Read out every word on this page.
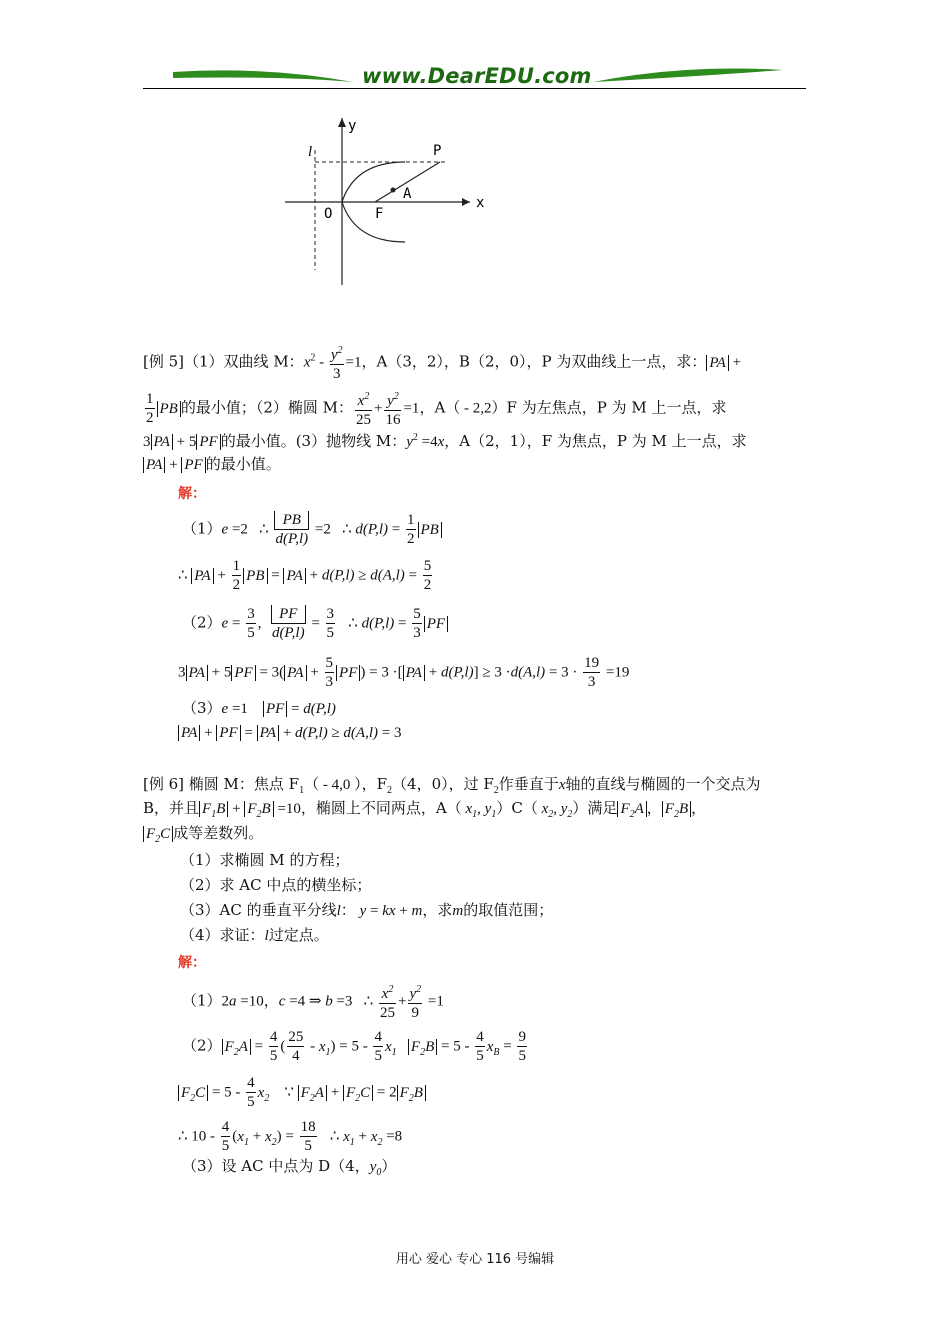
www.DearEDU.com
l
y
x
O	F
A
P
[例 5]（1）双曲线 M：$x^2 - \frac{y^2}{3} =1$，A（3，2），B（2，0），P 为双曲线上一点，求： PA +
$\frac{1}{2}$ PB 的最小值；（2）椭圆 M： $\frac{x^2}{25} + \frac{y^2}{16} =1$，A（ - 2,2）F 为左焦点，P 为 M 上一点，求
3 PA + 5 PF 的最小值。(3）抛物线 M：$y^2 =4x$，A（2，1），F 为焦点，P 为 M 上一点，求
PA + PF 的最小值。
解：
（1）e =2   ∴ $\frac{PB}{d(P,l)} =2$   ∴ $d(P,l) = \frac{1}{2}$ PB
∴ PA + $\frac{1}{2}$ PB = PA + $d(P,l) \ge d(A,l) = \frac{5}{2}$
$(2)e = \frac{3}{5}$ , $\frac{PF}{d(P,l)} = \frac{3}{5}$ ∴ $d(P,l) = \frac{5}{3}$ PF
3 PA + 5 PF = 3( PA + $\frac{5}{3}$ PF ) = 3 ·[ PA + $d(P,l)] \ge 3 \cdot d(A,l) = 3 \cdot \frac{19}{3} =19$
（3）e =1    PF = d(P,l)
PA + PF = PA + d(P,l) ≥ d(A,l) = 3
[例 6] 椭圆 M：焦点 $F_1( - 4,0$ ），$F_2(4$，0），过 $F_2$作垂直于x轴的直线与椭圆的一个交点为
B，并且 $F_1B + F_2B =10$，椭圆上不同两点，A（ $x_1$, $y_1)C$（ $x_2$, $y_2$）满足 $F_2A$ ， $F_2B$ ，
$F_2C$ 成等差数列。
（1）求椭圆 M 的方程；
（2）求 AC 中点的横坐标；
（3）AC 的垂直平分线l： y = kx + m，求m的取值范围；
（4）求证：l过定点。
解：
（1）2a =10，c =4 ⇒ b =3   ∴ $\frac{x^2}{25} + \frac{y^2}{9} =1$
（2） $F_2A = \frac{4}{5}$ ( $\frac{25}{4} - x_1) = 5 - \frac{4}{5} x_1$ $F_2B = 5 - \frac{4}{5} x_B = \frac{9}{5}$
$F_2C = 5 - \frac{4}{5} x_2$    ∵ $F_2A + F_2C = 2$ $F_2B$
∴ $10 - \frac{4}{5} (x_1 + x_2) = \frac{18}{5}$ ∴ $x_1 + x_2 =8$
（3）设 AC 中点为 D（4，$y_0$）
用心 爱心 专心 116 号编辑
